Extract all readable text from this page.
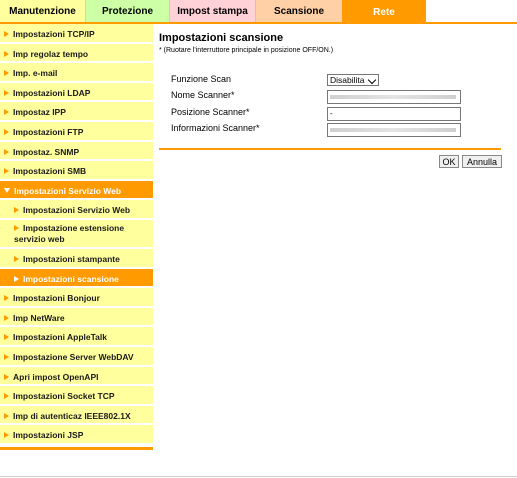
Manutenzione	Protezione	Impost stampa	Scansione	Rete
Impostazioni TCP/IP
Imp regolaz tempo
Imp. e-mail
Impostazioni LDAP
Impostaz IPP
Impostazioni FTP
Impostaz. SNMP
Impostazioni SMB
Impostazioni Servizio Web
Impostazioni Servizio Web
Impostazione estensione servizio web
Impostazioni stampante
Impostazioni scansione
Impostazioni Bonjour
Imp NetWare
Impostazioni AppleTalk
Impostazione Server WebDAV
Apri impost OpenAPI
Impostazioni Socket TCP
Imp di autenticaz IEEE802.1X
Impostazioni JSP
Impostazioni scansione
* (Ruotare l'interruttore principale in posizione OFF/ON.)
Funzione Scan	Disabilita
Nome Scanner*
Posizione Scanner*	-
Informazioni Scanner*
OK	Annulla
